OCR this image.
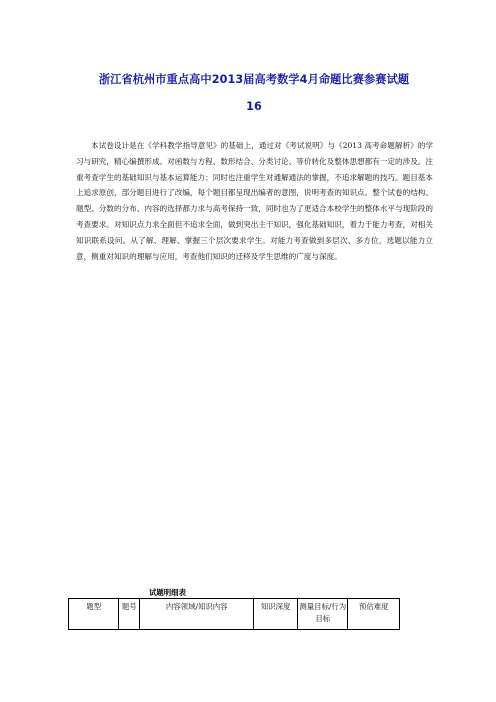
浙江省杭州市重点高中2013届高考数学4月命题比赛参赛试题
16

本试卷设计是在《学科教学指导意见》的基础上，通过对《考试说明》与《2013 高考命题解析》的学习与研究，精心编撰形成。对函数与方程、数形结合、分类讨论、等价转化及整体思想都有一定的涉及。注重考查学生的基础知识与基本运算能力；同时也注重学生对通解通法的掌握，不追求解题的技巧。题目基本上追求原创，部分题目进行了改编，每个题目都呈现出编者的意图，说明考查的知识点。整个试卷的结构、题型、分数的分布、内容的选择都力求与高考保持一致，同时也为了更适合本校学生的整体水平与现阶段的考查要求。对知识点力求全面但不追求全面，做到突出主干知识，强化基础知识，着力于能力考查，对相关知识联系设问。从了解、理解、掌握三个层次要求学生。对能力考查做到多层次、多方位，选题以能力立意，侧重对知识的理解与应用，考查他们知识的迁移及学生思维的广度与深度。

试题明细表
题型	题号	内容领域/知识内容	知识深度	测量目标/行为目标	预估难度
